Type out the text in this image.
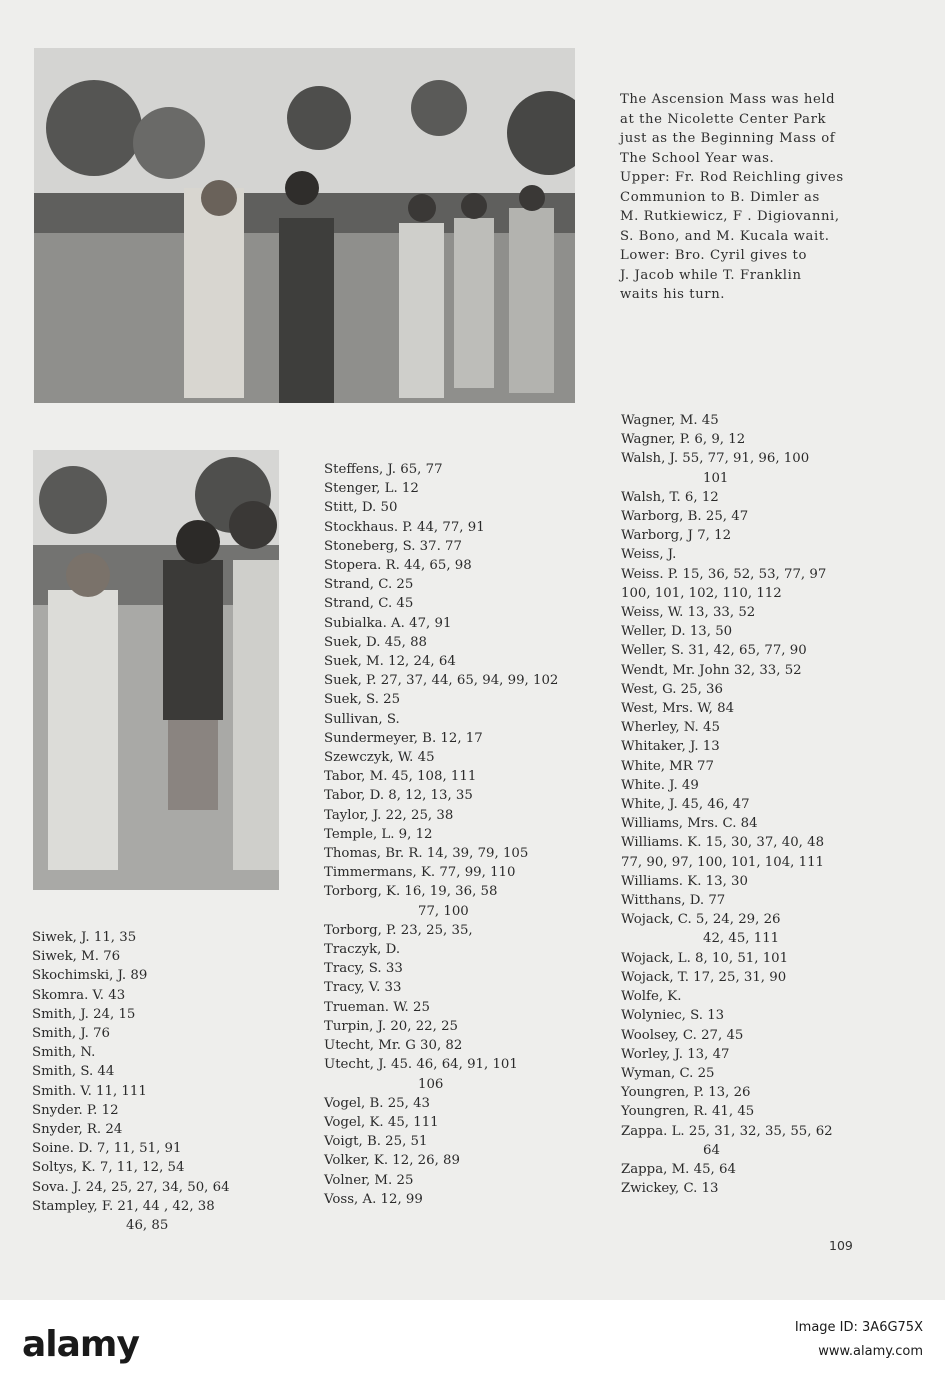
The Ascension Mass was held
at the Nicolette Center Park
just as the Beginning Mass of
The School Year was.
Upper: Fr. Rod Reichling gives
Communion to B. Dimler as
M. Rutkiewicz, F . Digiovanni,
S. Bono, and M. Kucala wait.
Lower: Bro. Cyril gives to
J. Jacob while T. Franklin
waits his turn.
Siwek, J. 11, 35
Siwek, M. 76
Skochimski, J. 89
Skomra. V. 43
Smith, J. 24, 15
Smith, J. 76
Smith, N.
Smith, S. 44
Smith. V. 11, 111
Snyder. P. 12
Snyder, R. 24
Soine. D. 7, 11, 51, 91
Soltys, K. 7, 11, 12, 54
Sova. J. 24, 25, 27, 34, 50, 64
Stampley, F. 21, 44 , 42, 38
46, 85
Steffens, J. 65, 77
Stenger, L. 12
Stitt, D. 50
Stockhaus. P. 44, 77, 91
Stoneberg, S. 37. 77
Stopera. R. 44, 65, 98
Strand, C. 25
Strand, C. 45
Subialka. A. 47, 91
Suek, D. 45, 88
Suek, M. 12, 24, 64
Suek, P. 27, 37, 44, 65, 94, 99, 102
Suek, S. 25
Sullivan, S.
Sundermeyer, B. 12, 17
Szewczyk, W. 45
Tabor, M. 45, 108, 111
Tabor, D. 8, 12, 13, 35
Taylor, J. 22, 25, 38
Temple, L. 9, 12
Thomas, Br. R. 14, 39, 79, 105
Timmermans, K. 77, 99, 110
Torborg, K. 16, 19, 36, 58
77, 100
Torborg, P. 23, 25, 35,
Traczyk, D.
Tracy, S. 33
Tracy, V. 33
Trueman. W. 25
Turpin, J. 20, 22, 25
Utecht, Mr. G 30, 82
Utecht, J. 45. 46, 64, 91, 101
106
Vogel, B. 25, 43
Vogel, K. 45, 111
Voigt, B. 25, 51
Volker, K. 12, 26, 89
Volner, M. 25
Voss, A. 12, 99
Wagner, M. 45
Wagner, P. 6, 9, 12
Walsh, J. 55, 77, 91, 96, 100
101
Walsh, T. 6, 12
Warborg, B. 25, 47
Warborg, J 7, 12
Weiss, J.
Weiss. P. 15, 36, 52, 53, 77, 97
100, 101, 102, 110, 112
Weiss, W. 13, 33, 52
Weller, D. 13, 50
Weller, S. 31, 42, 65, 77, 90
Wendt, Mr. John 32, 33, 52
West, G. 25, 36
West, Mrs. W, 84
Wherley, N. 45
Whitaker, J. 13
White, MR 77
White. J. 49
White, J. 45, 46, 47
Williams, Mrs. C. 84
Williams. K. 15, 30, 37, 40, 48
77, 90, 97, 100, 101, 104, 111
Williams. K. 13, 30
Witthans, D. 77
Wojack, C. 5, 24, 29, 26
42, 45, 111
Wojack, L. 8, 10, 51, 101
Wojack, T. 17, 25, 31, 90
Wolfe, K.
Wolyniec, S. 13
Woolsey, C. 27, 45
Worley, J. 13, 47
Wyman, C. 25
Youngren, P. 13, 26
Youngren, R. 41, 45
Zappa. L. 25, 31, 32, 35, 55, 62
64
Zappa, M. 45, 64
Zwickey, C. 13
109
alamy	Image ID: 3A6G75X
www.alamy.com
